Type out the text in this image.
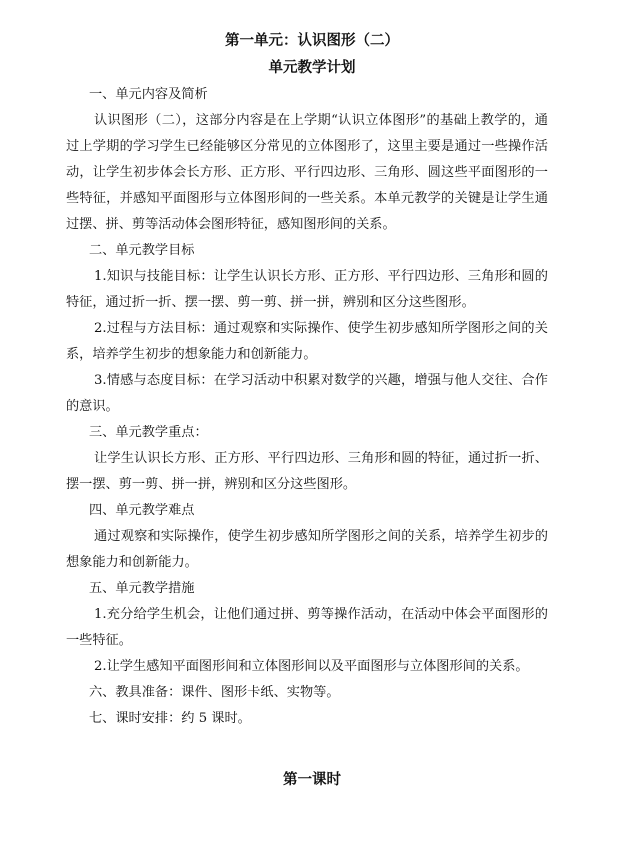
第一单元：认识图形（二）
单元教学计划
一、单元内容及简析

认识图形（二），这部分内容是在上学期“认识立体图形”的基础上教学的，通过上学期的学习学生已经能够区分常见的立体图形了，这里主要是通过一些操作活动，让学生初步体会长方形、正方形、平行四边形、三角形、圆这些平面图形的一些特征，并感知平面图形与立体图形间的一些关系。本单元教学的关键是让学生通过摆、拼、剪等活动体会图形特征，感知图形间的关系。

二、单元教学目标

1.知识与技能目标：让学生认识长方形、正方形、平行四边形、三角形和圆的特征，通过折一折、摆一摆、剪一剪、拼一拼，辨别和区分这些图形。

2.过程与方法目标：通过观察和实际操作、使学生初步感知所学图形之间的关系，培养学生初步的想象能力和创新能力。

3.情感与态度目标：在学习活动中积累对数学的兴趣，增强与他人交往、合作的意识。

三、单元教学重点：

让学生认识长方形、正方形、平行四边形、三角形和圆的特征，通过折一折、摆一摆、剪一剪、拼一拼，辨别和区分这些图形。

四、单元教学难点

通过观察和实际操作，使学生初步感知所学图形之间的关系，培养学生初步的想象能力和创新能力。

五、单元教学措施

1.充分给学生机会，让他们通过拼、剪等操作活动，在活动中体会平面图形的一些特征。

2.让学生感知平面图形间和立体图形间以及平面图形与立体图形间的关系。

六、教具准备：课件、图形卡纸、实物等。
七、课时安排：约 5 课时。
第一课时
